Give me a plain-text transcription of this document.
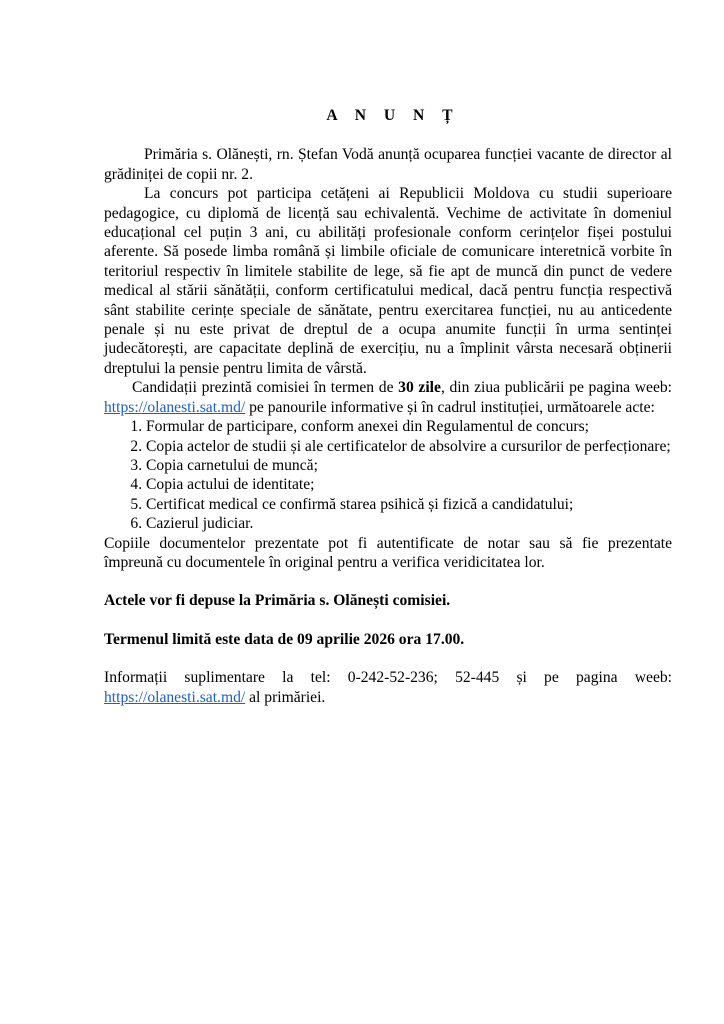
A N U N Ț

Primăria s. Olănești, rn. Ștefan Vodă anunță ocuparea funcției vacante de director al grădiniței de copii nr. 2.

La concurs pot participa cetățeni ai Republicii Moldova cu studii superioare pedagogice, cu diplomă de licență sau echivalentă. Vechime de activitate în domeniul educațional cel puțin 3 ani, cu abilități profesionale conform cerințelor fișei postului aferente. Să posede limba română și limbile oficiale de comunicare interetnică vorbite în teritoriul respectiv în limitele stabilite de lege, să fie apt de muncă din punct de vedere medical al stării sănătății, conform certificatului medical, dacă pentru funcția respectivă sânt stabilite cerințe speciale de sănătate, pentru exercitarea funcției, nu au anticedente penale și nu este privat de dreptul de a ocupa anumite funcții în urma sentinței judecătorești, are capacitate deplină de exercițiu, nu a împlinit vârsta necesară obținerii dreptului la pensie pentru limita de vârstă.

Candidații prezintă comisiei în termen de 30 zile, din ziua publicării pe pagina weeb: https://olanesti.sat.md/ pe panourile informative și în cadrul instituției, următoarele acte:

1. Formular de participare, conform anexei din Regulamentul de concurs;
2. Copia actelor de studii și ale certificatelor de absolvire a cursurilor de perfecționare;
3. Copia carnetului de muncă;
4. Copia actului de identitate;
5. Certificat medical ce confirmă starea psihică și fizică a candidatului;
6. Cazierul judiciar.

Copiile documentelor prezentate pot fi autentificate de notar sau să fie prezentate împreună cu documentele în original pentru a verifica veridicitatea lor.

Actele vor fi depuse la Primăria s. Olănești comisiei.

Termenul limită este data de 09 aprilie 2026 ora 17.00.

Informații suplimentare la tel: 0-242-52-236; 52-445 și pe pagina weeb: https://olanesti.sat.md/ al primăriei.
